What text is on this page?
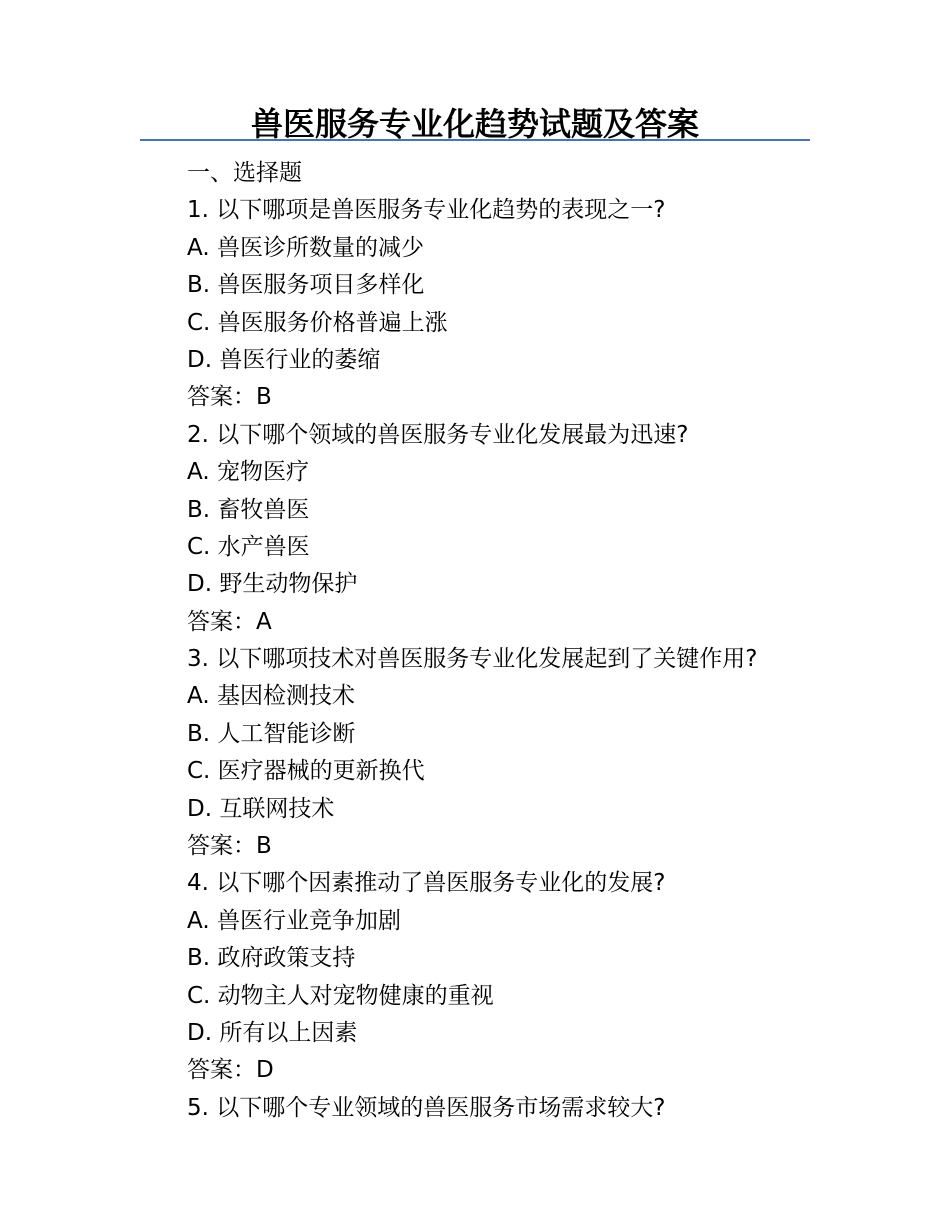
兽医服务专业化趋势试题及答案

一、选择题

1. 以下哪项是兽医服务专业化趋势的表现之一?

A. 兽医诊所数量的减少

B. 兽医服务项目多样化

C. 兽医服务价格普遍上涨

D. 兽医行业的萎缩

答案：B

2. 以下哪个领域的兽医服务专业化发展最为迅速?

A. 宠物医疗

B. 畜牧兽医

C. 水产兽医

D. 野生动物保护

答案：A

3. 以下哪项技术对兽医服务专业化发展起到了关键作用?

A. 基因检测技术

B. 人工智能诊断

C. 医疗器械的更新换代

D. 互联网技术

答案：B

4. 以下哪个因素推动了兽医服务专业化的发展?

A. 兽医行业竞争加剧

B. 政府政策支持

C. 动物主人对宠物健康的重视

D. 所有以上因素

答案：D

5. 以下哪个专业领域的兽医服务市场需求较大?
